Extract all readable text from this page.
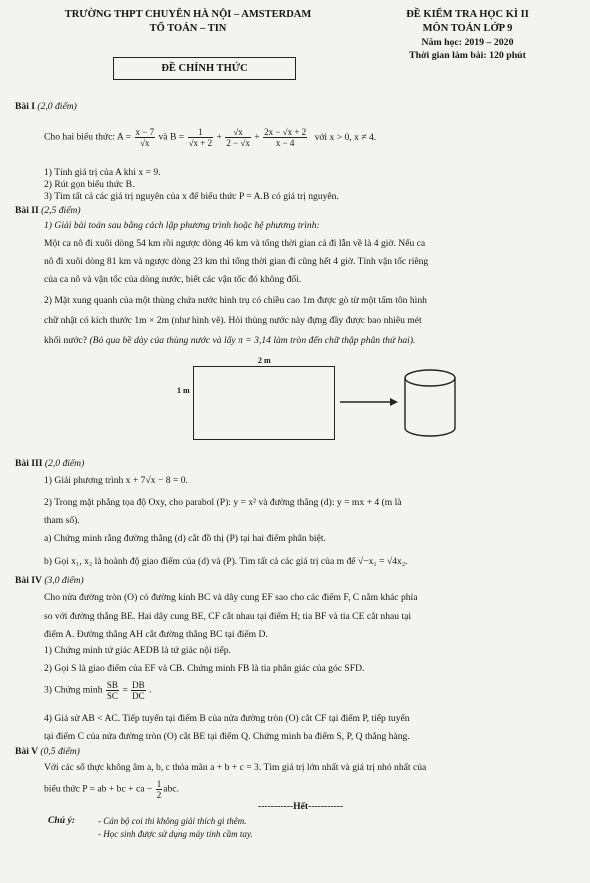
TRƯỜNG THPT CHUYÊN HÀ NỘI – AMSTERDAM
TỔ TOÁN – TIN
ĐỀ CHÍNH THỨC
ĐỀ KIỂM TRA HỌC KÌ II
MÔN TOÁN LỚP 9
Năm học: 2019 – 2020
Thời gian làm bài: 120 phút
Bài I (2,0 điểm)
Cho hai biểu thức: $A = \frac{x - 7}{√x}$ và $B = \frac{1}{√x + 2} + \frac{√x}{2 - √x} + \frac{2x - √x + 2}{x - 4}$ với x > 0, x ≠ 4.
1) Tính giá trị của A khi x = 9.
2) Rút gọn biểu thức B.
3) Tìm tất cả các giá trị nguyên của x để biểu thức P = A.B có giá trị nguyên.
Bài II (2,5 điểm)
1) Giải bài toán sau bằng cách lập phương trình hoặc hệ phương trình:
Một ca nô đi xuôi dòng 54 km rồi ngược dòng 46 km và tổng thời gian cả đi lẫn về là 4 giờ. Nếu ca
nô đi xuôi dòng 81 km và ngược dòng 23 km thì tổng thời gian đi cũng hết 4 giờ. Tính vận tốc riêng
của ca nô và vận tốc của dòng nước, biết các vận tốc đó không đổi.
2) Mặt xung quanh của một thùng chứa nước hình trụ có chiều cao 1m được gò từ một tấm tôn hình
chữ nhật có kích thước 1m × 2m (như hình vẽ). Hỏi thùng nước này đựng đầy được bao nhiêu mét
khối nước? (Bỏ qua bề dày của thùng nước và lấy π = 3,14 làm tròn đến chữ thập phân thứ hai).
2 m
1 m
Bài III (2,0 điểm)
1) Giải phương trình x + 7√x − 8 = 0.
2) Trong mặt phẳng tọa độ Oxy, cho parabol (P): y = x² và đường thẳng (d): y = mx + 4 (m là
tham số).
a) Chứng minh rằng đường thẳng (d) cắt đồ thị (P) tại hai điểm phân biệt.
b) Gọi x₁, x₂ là hoành độ giao điểm của (d) và (P). Tìm tất cả các giá trị của m để √−x₁ = √4x₂.
Bài IV (3,0 điểm)
Cho nửa đường tròn (O) có đường kính BC và dây cung EF sao cho các điểm F, C nằm khác phía
so với đường thẳng BE. Hai dây cung BE, CF cắt nhau tại điểm H; tia BF và tia CE cắt nhau tại
điểm A. Đường thẳng AH cắt đường thẳng BC tại điểm D.
1) Chứng minh tứ giác AEDB là tứ giác nội tiếp.
2) Gọi S là giao điểm của EF và CB. Chứng minh FB là tia phân giác của góc SFD.
3) Chứng minh $\frac{SB}{SC} = \frac{DB}{DC}$ .
4) Giả sử AB < AC. Tiếp tuyến tại điểm B của nửa đường tròn (O) cắt CF tại điểm P, tiếp tuyến
tại điểm C của nửa đường tròn (O) cắt BE tại điểm Q. Chứng minh ba điểm S, P, Q thẳng hàng.
Bài V (0,5 điểm)
Với các số thực không âm a, b, c thỏa mãn a + b + c = 3. Tìm giá trị lớn nhất và giá trị nhỏ nhất của
biểu thức P = ab + bc + ca − $\frac{1}{2}$ abc.
-----------Hết-----------
Chú ý:	- Cán bộ coi thi không giải thích gì thêm.
- Học sinh được sử dụng máy tính cầm tay.
